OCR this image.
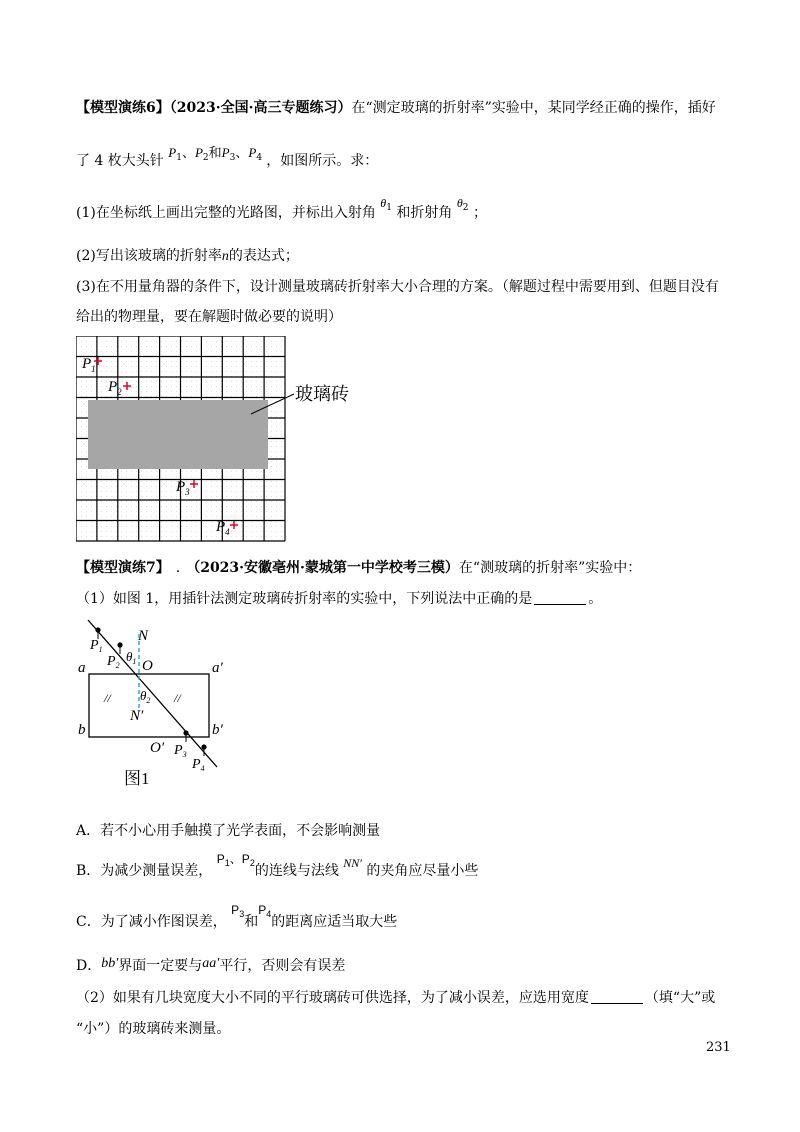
【模型演练6】（2023·全国·高三专题练习）在“测定玻璃的折射率”实验中，某同学经正确的操作，插好
了 4 枚大头针 $P_1$、$P_2$和$P_3$、$P_4$ ，如图所示。求：
(1)在坐标纸上画出完整的光路图，并标出入射角 $\theta_1$ 和折射角 $\theta_2$ ；
(2)写出该玻璃的折射率n的表达式；
(3)在不用量角器的条件下，设计测量玻璃砖折射率大小合理的方案。（解题过程中需要用到、但题目没有
给出的物理量，要在解题时做必要的说明）
玻璃砖
$P_1$
$P_2$
$P_3$
$P_4$
【模型演练7】 . （2023·安徽亳州·蒙城第一中学校考三模）在“测玻璃的折射率”实验中：
（1）如图 1，用插针法测定玻璃砖折射率的实验中，下列说法中正确的是	。
N
a	a′
O
b	b′
N′
O′
$\theta_1$
$\theta_2$
$P_1$
$P_2$
$P_3$
$P_4$
//	//
图1
A．若不小心用手触摸了光学表面，不会影响测量
B．为减少测量误差， $P_1$、$P_2$的连线与法线 NN′ 的夹角应尽量小些
C．为了减小作图误差， $P_3$和$P_4$的距离应适当取大些
D．bb′界面一定要与aa′平行，否则会有误差
（2）如果有几块宽度大小不同的平行玻璃砖可供选择，为了减小误差，应选用宽度	（填“大”或
“小”）的玻璃砖来测量。
231
